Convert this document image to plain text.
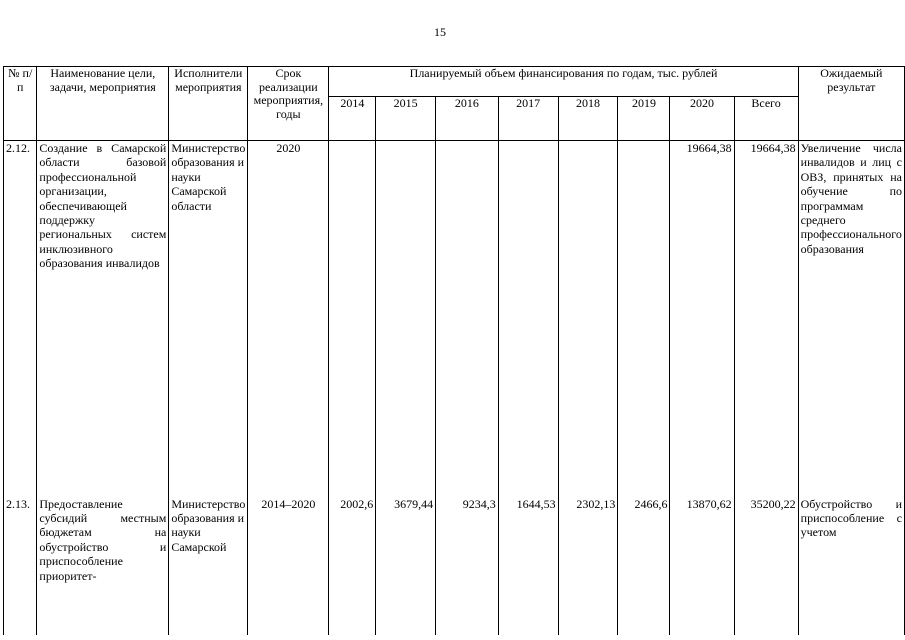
15
№ п/п	Наименование цели, задачи, мероприятия	Исполнители мероприятия	Срок реализации мероприятия, годы	Планируемый объем финансирования по годам, тыс. рублей								Ожидаемый результат
				2014	2015	2016	2017	2018	2019	2020	Всего	
2.12.	Создание в Самарской области базовой профессиональной организации, обеспечивающей поддержку региональных систем инклюзивного образования инвалидов	Министерство образования и науки Самарской области	2020							19664,38	19664,38	Увеличение числа инвалидов и лиц с ОВЗ, принятых на обучение по программам среднего профессионального образования
2.13.	Предоставление субсидий местным бюджетам на обустройство и приспособление приоритет-	Министерство образования и науки Самарской	2014–2020	2002,6	3679,44	9234,3	1644,53	2302,13	2466,6	13870,62	35200,22	Обустройство и приспособление с учетом
